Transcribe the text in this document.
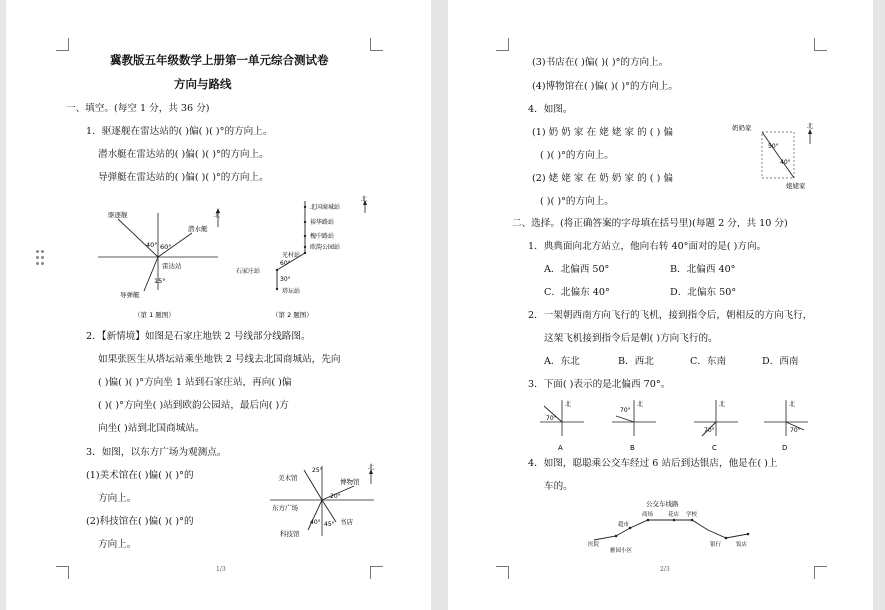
冀教版五年级数学上册第一单元综合测试卷
方向与路线
一、填空。(每空 1 分，共 36 分)
1．驱逐舰在雷达站的( )偏( )( )°的方向上。
潜水艇在雷达站的( )偏( )( )°的方向上。
导弹艇在雷达站的( )偏( )( )°的方向上。
北
驱逐舰
潜水艇
雷达站
导弹艇
40° 60°
15°
（第 1 题图）
北
北国商城站
裕华路站
槐中路站
欧韵公园站
光村站
石家庄站
塔坛站
60°
30°
（第 2 题图）
2．【新情境】如图是石家庄地铁 2 号线部分线路图。
如果张医生从塔坛站乘坐地铁 2 号线去北国商城站，先向
( )偏( )( )°方向坐 1 站到石家庄站，再向( )偏
( )( )°方向坐( )站到欧韵公园站，最后向( )方
向坐( )站到北国商城站。
3．如图，以东方广场为观测点。
(1)美术馆在( )偏( )( )°的
方向上。
(2)科技馆在( )偏( )( )°的
方向上。
北
美术馆	博物馆
东方广场
科技馆
书店
25°
20°
40° 45°
1/3
(3)书店在( )偏( )( )°的方向上。
(4)博物馆在( )偏( )( )°的方向上。
4．如图。
(1) 奶 奶 家 在 姥 姥 家 的 ( ) 偏
( )( )°的方向上。
(2) 姥 姥 家 在 奶 奶 家 的 ( ) 偏
( )( )°的方向上。
北
奶奶家
姥姥家
50°
40°
二、选择。(将正确答案的字母填在括号里)(每题 2 分，共 10 分)
1．典典面向北方站立，他向右转 40°面对的是( )方向。
A．北偏西 50°	B．北偏西 40°
C．北偏东 40°	D．北偏东 50°
2．一架朝西南方向飞行的飞机，接到指令后，朝相反的方向飞行，
这架飞机接到指令后是朝( )方向飞行的。
A．东北	B．西北	C．东南	D．西南
3．下面( )表示的是北偏西 70°。
70°
北
A
70°
北
B
70°
北
C
70°
北
D
4．如图，聪聪乘公交车经过 6 站后到达银店，他是在( )上
车的。
公交车线路
医院
雅园小区
超市
商场	花店 学校
银行	饭店
2/3
